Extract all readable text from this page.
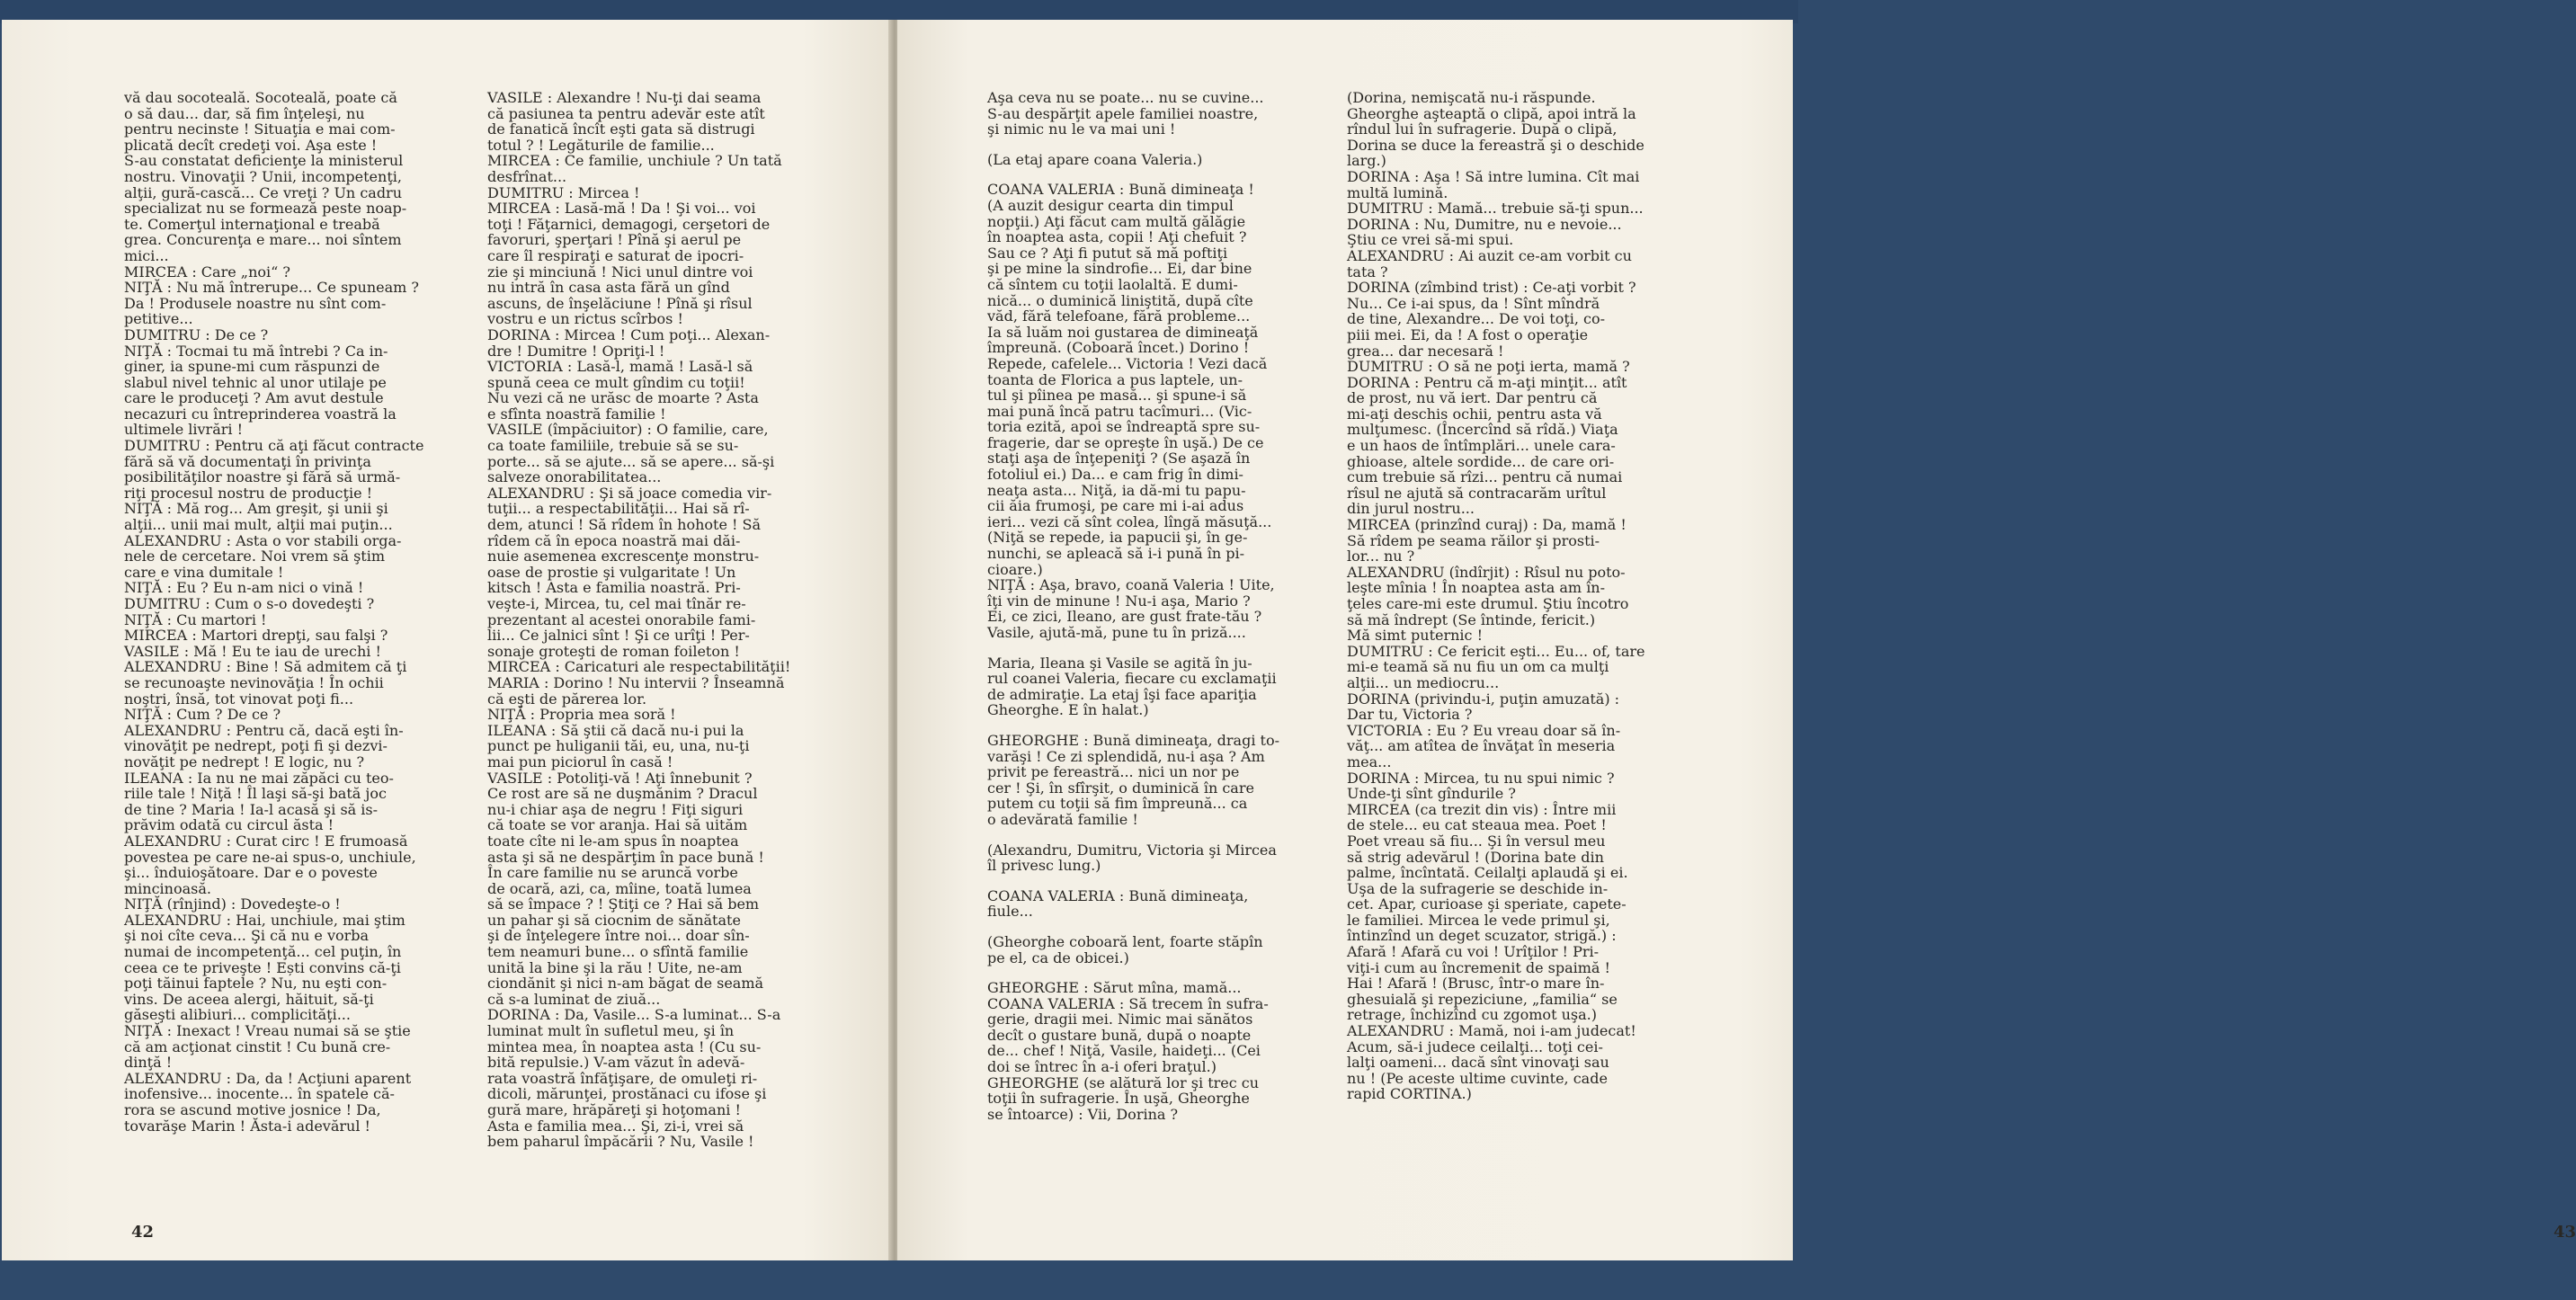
vă dau socoteală. Socoteală, poate că

o să dau... dar, să fim înţeleşi, nu

pentru necinste ! Situaţia e mai com-

plicată decît credeţi voi. Aşa este !

S-au constatat deficienţe la ministerul

nostru. Vinovaţii ? Unii, incompetenţi,

alţii, gură-cască... Ce vreţi ? Un cadru

specializat nu se formează peste noap-

te. Comerţul internaţional e treabă

grea. Concurenţa e mare... noi sîntem

mici...

MIRCEA : Care „noi“ ?

NIŢĂ : Nu mă întrerupe... Ce spuneam ?

Da ! Produsele noastre nu sînt com-

petitive...

DUMITRU : De ce ?

NIŢĂ : Tocmai tu mă întrebi ? Ca in-

giner, ia spune-mi cum răspunzi de

slabul nivel tehnic al unor utilaje pe

care le produceţi ? Am avut destule

necazuri cu întreprinderea voastră la

ultimele livrări !

DUMITRU : Pentru că aţi făcut contracte

fără să vă documentaţi în privinţa

posibilităţilor noastre şi fără să urmă-

riţi procesul nostru de producţie !

NIŢĂ : Mă rog... Am greşit, şi unii şi

alţii... unii mai mult, alţii mai puţin...

ALEXANDRU : Asta o vor stabili orga-

nele de cercetare. Noi vrem să ştim

care e vina dumitale !

NIŢĂ : Eu ? Eu n-am nici o vină !

DUMITRU : Cum o s-o dovedeşti ?

NIŢĂ : Cu martori !

MIRCEA : Martori drepţi, sau falşi ?

VASILE : Mă ! Eu te iau de urechi !

ALEXANDRU : Bine ! Să admitem că ţi

se recunoaşte nevinovăţia ! În ochii

noştri, însă, tot vinovat poţi fi...

NIŢĂ : Cum ? De ce ?

ALEXANDRU : Pentru că, dacă eşti în-

vinovăţit pe nedrept, poţi fi şi dezvi-

novăţit pe nedrept ! E logic, nu ?

ILEANA : Ia nu ne mai zăpăci cu teo-

riile tale ! Niţă ! Îl laşi să-şi bată joc

de tine ? Maria ! Ia-l acasă şi să is-

prăvim odată cu circul ăsta !

ALEXANDRU : Curat circ ! E frumoasă

povestea pe care ne-ai spus-o, unchiule,

şi... înduioşătoare. Dar e o poveste

mincinoasă.

NIŢĂ (rînjind) : Dovedeşte-o !

ALEXANDRU : Hai, unchiule, mai ştim

şi noi cîte ceva... Şi că nu e vorba

numai de incompetenţă... cel puţin, în

ceea ce te priveşte ! Ești convins că-ţi

poţi tăinui faptele ? Nu, nu eşti con-

vins. De aceea alergi, hăituit, să-ţi

găseşti alibiuri... complicităţi...

NIŢĂ : Inexact ! Vreau numai să se ştie

că am acţionat cinstit ! Cu bună cre-

dinţă !

ALEXANDRU : Da, da ! Acţiuni aparent

inofensive... inocente... în spatele că-

rora se ascund motive josnice ! Da,

tovarăşe Marin ! Ăsta-i adevărul !

VASILE : Alexandre ! Nu-ţi dai seama

că pasiunea ta pentru adevăr este atît

de fanatică încît eşti gata să distrugi

totul ? ! Legăturile de familie...

MIRCEA : Ce familie, unchiule ? Un tată

desfrînat...

DUMITRU : Mircea !

MIRCEA : Lasă-mă ! Da ! Şi voi... voi

toţi ! Făţarnici, demagogi, cerşetori de

favoruri, şperţari ! Pînă şi aerul pe

care îl respiraţi e saturat de ipocri-

zie şi minciună ! Nici unul dintre voi

nu intră în casa asta fără un gînd

ascuns, de înşelăciune ! Pînă şi rîsul

vostru e un rictus scîrbos !

DORINA : Mircea ! Cum poţi... Alexan-

dre ! Dumitre ! Opriţi-l !

VICTORIA : Lasă-l, mamă ! Lasă-l să

spună ceea ce mult gîndim cu toţii!

Nu vezi că ne urăsc de moarte ? Asta

e sfînta noastră familie !

VASILE (împăciuitor) : O familie, care,

ca toate familiile, trebuie să se su-

porte... să se ajute... să se apere... să-şi

salveze onorabilitatea...

ALEXANDRU : Şi să joace comedia vir-

tuţii... a respectabilităţii... Hai să rî-

dem, atunci ! Să rîdem în hohote ! Să

rîdem că în epoca noastră mai dăi-

nuie asemenea excrescenţe monstru-

oase de prostie şi vulgaritate ! Un

kitsch ! Asta e familia noastră. Pri-

veşte-i, Mircea, tu, cel mai tînăr re-

prezentant al acestei onorabile fami-

lii... Ce jalnici sînt ! Şi ce urîţi ! Per-

sonaje groteşti de roman foileton !

MIRCEA : Caricaturi ale respectabilităţii!

MARIA : Dorino ! Nu intervii ? Înseamnă

că eşti de părerea lor.

NIŢĂ : Propria mea soră !

ILEANA : Să ştii că dacă nu-i pui la

punct pe huliganii tăi, eu, una, nu-ţi

mai pun piciorul în casă !

VASILE : Potoliţi-vă ! Aţi înnebunit ?

Ce rost are să ne duşmănim ? Dracul

nu-i chiar aşa de negru ! Fiţi siguri

că toate se vor aranja. Hai să uităm

toate cîte ni le-am spus în noaptea

asta şi să ne despărţim în pace bună !

În care familie nu se aruncă vorbe

de ocară, azi, ca, mîine, toată lumea

să se împace ? ! Ştiţi ce ? Hai să bem

un pahar şi să ciocnim de sănătate

şi de înţelegere între noi... doar sîn-

tem neamuri bune... o sfîntă familie

unită la bine şi la rău ! Uite, ne-am

ciondănit şi nici n-am băgat de seamă

că s-a luminat de ziuă...

DORINA : Da, Vasile... S-a luminat... S-a

luminat mult în sufletul meu, şi în

mintea mea, în noaptea asta ! (Cu su-

bită repulsie.) V-am văzut în adevă-

rata voastră înfăţişare, de omuleţi ri-

dicoli, mărunţei, prostănaci cu ifose şi

gură mare, hrăpăreţi şi hoţomani !

Asta e familia mea... Şi, zi-i, vrei să

bem paharul împăcării ? Nu, Vasile !

42

Aşa ceva nu se poate... nu se cuvine...

S-au despărţit apele familiei noastre,

şi nimic nu le va mai uni !

(La etaj apare coana Valeria.)

COANA VALERIA : Bună dimineaţa !

(A auzit desigur cearta din timpul

nopţii.) Aţi făcut cam multă gălăgie

în noaptea asta, copii ! Aţi chefuit ?

Sau ce ? Aţi fi putut să mă poftiţi

şi pe mine la sindrofie... Ei, dar bine

că sîntem cu toţii laolaltă. E dumi-

nică... o duminică liniştită, după cîte

văd, fără telefoane, fără probleme...

Ia să luăm noi gustarea de dimineaţă

împreună. (Coboară încet.) Dorino !

Repede, cafelele... Victoria ! Vezi dacă

toanta de Florica a pus laptele, un-

tul şi pîinea pe masă... şi spune-i să

mai pună încă patru tacîmuri... (Vic-

toria ezită, apoi se îndreaptă spre su-

fragerie, dar se opreşte în uşă.) De ce

staţi aşa de înţepeniţi ? (Se aşază în

fotoliul ei.) Da... e cam frig în dimi-

neaţa asta... Niţă, ia dă-mi tu papu-

cii ăia frumoşi, pe care mi i-ai adus

ieri... vezi că sînt colea, lîngă măsuţă...

(Niţă se repede, ia papucii şi, în ge-

nunchi, se apleacă să i-i pună în pi-

cioare.)

NIŢĂ : Aşa, bravo, coană Valeria ! Uite,

îţi vin de minune ! Nu-i aşa, Mario ?

Ei, ce zici, Ileano, are gust frate-tău ?

Vasile, ajută-mă, pune tu în priză....

Maria, Ileana şi Vasile se agită în ju-

rul coanei Valeria, fiecare cu exclamaţii

de admiraţie. La etaj îşi face apariţia

Gheorghe. E în halat.)

GHEORGHE : Bună dimineaţa, dragi to-

varăşi ! Ce zi splendidă, nu-i aşa ? Am

privit pe fereastră... nici un nor pe

cer ! Şi, în sfîrşit, o duminică în care

putem cu toţii să fim împreună... ca

o adevărată familie !

(Alexandru, Dumitru, Victoria şi Mircea

îl privesc lung.)

COANA VALERIA : Bună dimineaţa,

fiule...

(Gheorghe coboară lent, foarte stăpîn

pe el, ca de obicei.)

GHEORGHE : Sărut mîna, mamă...

COANA VALERIA : Să trecem în sufra-

gerie, dragii mei. Nimic mai sănătos

decît o gustare bună, după o noapte

de... chef ! Niţă, Vasile, haideţi... (Cei

doi se întrec în a-i oferi braţul.)

GHEORGHE (se alătură lor şi trec cu

toţii în sufragerie. În uşă, Gheorghe

se întoarce) : Vii, Dorina ?

(Dorina, nemişcată nu-i răspunde.

Gheorghe aşteaptă o clipă, apoi intră la

rîndul lui în sufragerie. După o clipă,

Dorina se duce la fereastră şi o deschide

larg.)

DORINA : Aşa ! Să intre lumina. Cît mai

multă lumină.

DUMITRU : Mamă... trebuie să-ţi spun...

DORINA : Nu, Dumitre, nu e nevoie...

Ştiu ce vrei să-mi spui.

ALEXANDRU : Ai auzit ce-am vorbit cu

tata ?

DORINA (zîmbind trist) : Ce-aţi vorbit ?

Nu... Ce i-ai spus, da ! Sînt mîndră

de tine, Alexandre... De voi toţi, co-

piii mei. Ei, da ! A fost o operaţie

grea... dar necesară !

DUMITRU : O să ne poţi ierta, mamă ?

DORINA : Pentru că m-aţi minţit... atît

de prost, nu vă iert. Dar pentru că

mi-aţi deschis ochii, pentru asta vă

mulţumesc. (Încercînd să rîdă.) Viaţa

e un haos de întîmplări... unele cara-

ghioase, altele sordide... de care ori-

cum trebuie să rîzi... pentru că numai

rîsul ne ajută să contracarăm urîtul

din jurul nostru...

MIRCEA (prinzînd curaj) : Da, mamă !

Să rîdem pe seama răilor şi prosti-

lor... nu ?

ALEXANDRU (îndîrjit) : Rîsul nu poto-

leşte mînia ! În noaptea asta am în-

ţeles care-mi este drumul. Ştiu încotro

să mă îndrept (Se întinde, fericit.)

Mă simt puternic !

DUMITRU : Ce fericit eşti... Eu... of, tare

mi-e teamă să nu fiu un om ca mulţi

alţii... un mediocru...

DORINA (privindu-i, puţin amuzată) :

Dar tu, Victoria ?

VICTORIA : Eu ? Eu vreau doar să în-

văţ... am atîtea de învăţat în meseria

mea...

DORINA : Mircea, tu nu spui nimic ?

Unde-ţi sînt gîndurile ?

MIRCEA (ca trezit din vis) : Între mii

de stele... eu cat steaua mea. Poet !

Poet vreau să fiu... Şi în versul meu

să strig adevărul ! (Dorina bate din

palme, încîntată. Ceilalţi aplaudă şi ei.

Uşa de la sufragerie se deschide in-

cet. Apar, curioase şi speriate, capete-

le familiei. Mircea le vede primul şi,

întinzînd un deget scuzator, strigă.) :

Afară ! Afară cu voi ! Urîţilor ! Pri-

viţi-i cum au încremenit de spaimă !

Hai ! Afară ! (Brusc, într-o mare în-

ghesuială şi repeziciune, „familia“ se

retrage, închizînd cu zgomot uşa.)

ALEXANDRU : Mamă, noi i-am judecat!

Acum, să-i judece ceilalţi... toţi cei-

lalţi oameni... dacă sînt vinovaţi sau

nu ! (Pe aceste ultime cuvinte, cade

rapid CORTINA.)

43
